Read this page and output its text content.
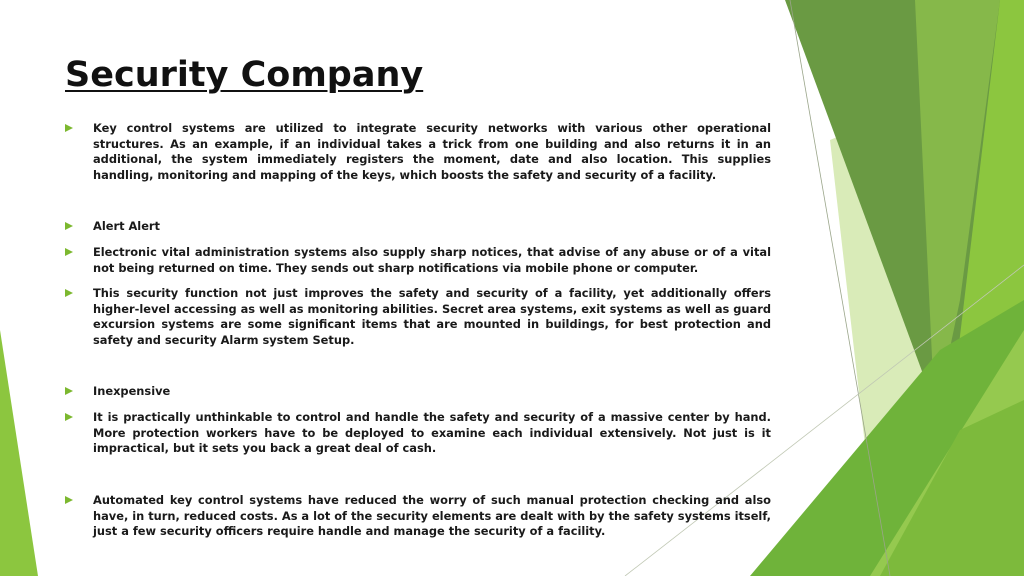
Security Company
Key control systems are utilized to integrate security networks with various other operational structures. As an example, if an individual takes a trick from one building and also returns it in an additional, the system immediately registers the moment, date and also location. This supplies handling, monitoring and mapping of the keys, which boosts the safety and security of a facility.
Alert Alert
Electronic vital administration systems also supply sharp notices, that advise of any abuse or of a vital not being returned on time. They sends out sharp notifications via mobile phone or computer.
This security function not just improves the safety and security of a facility, yet additionally offers higher-level accessing as well as monitoring abilities. Secret area systems, exit systems as well as guard excursion systems are some significant items that are mounted in buildings, for best protection and safety and security Alarm system Setup.
Inexpensive
It is practically unthinkable to control and handle the safety and security of a massive center by hand. More protection workers have to be deployed to examine each individual extensively. Not just is it impractical, but it sets you back a great deal of cash.
Automated key control systems have reduced the worry of such manual protection checking and also have, in turn, reduced costs. As a lot of the security elements are dealt with by the safety systems itself, just a few security officers require handle and manage the security of a facility.
